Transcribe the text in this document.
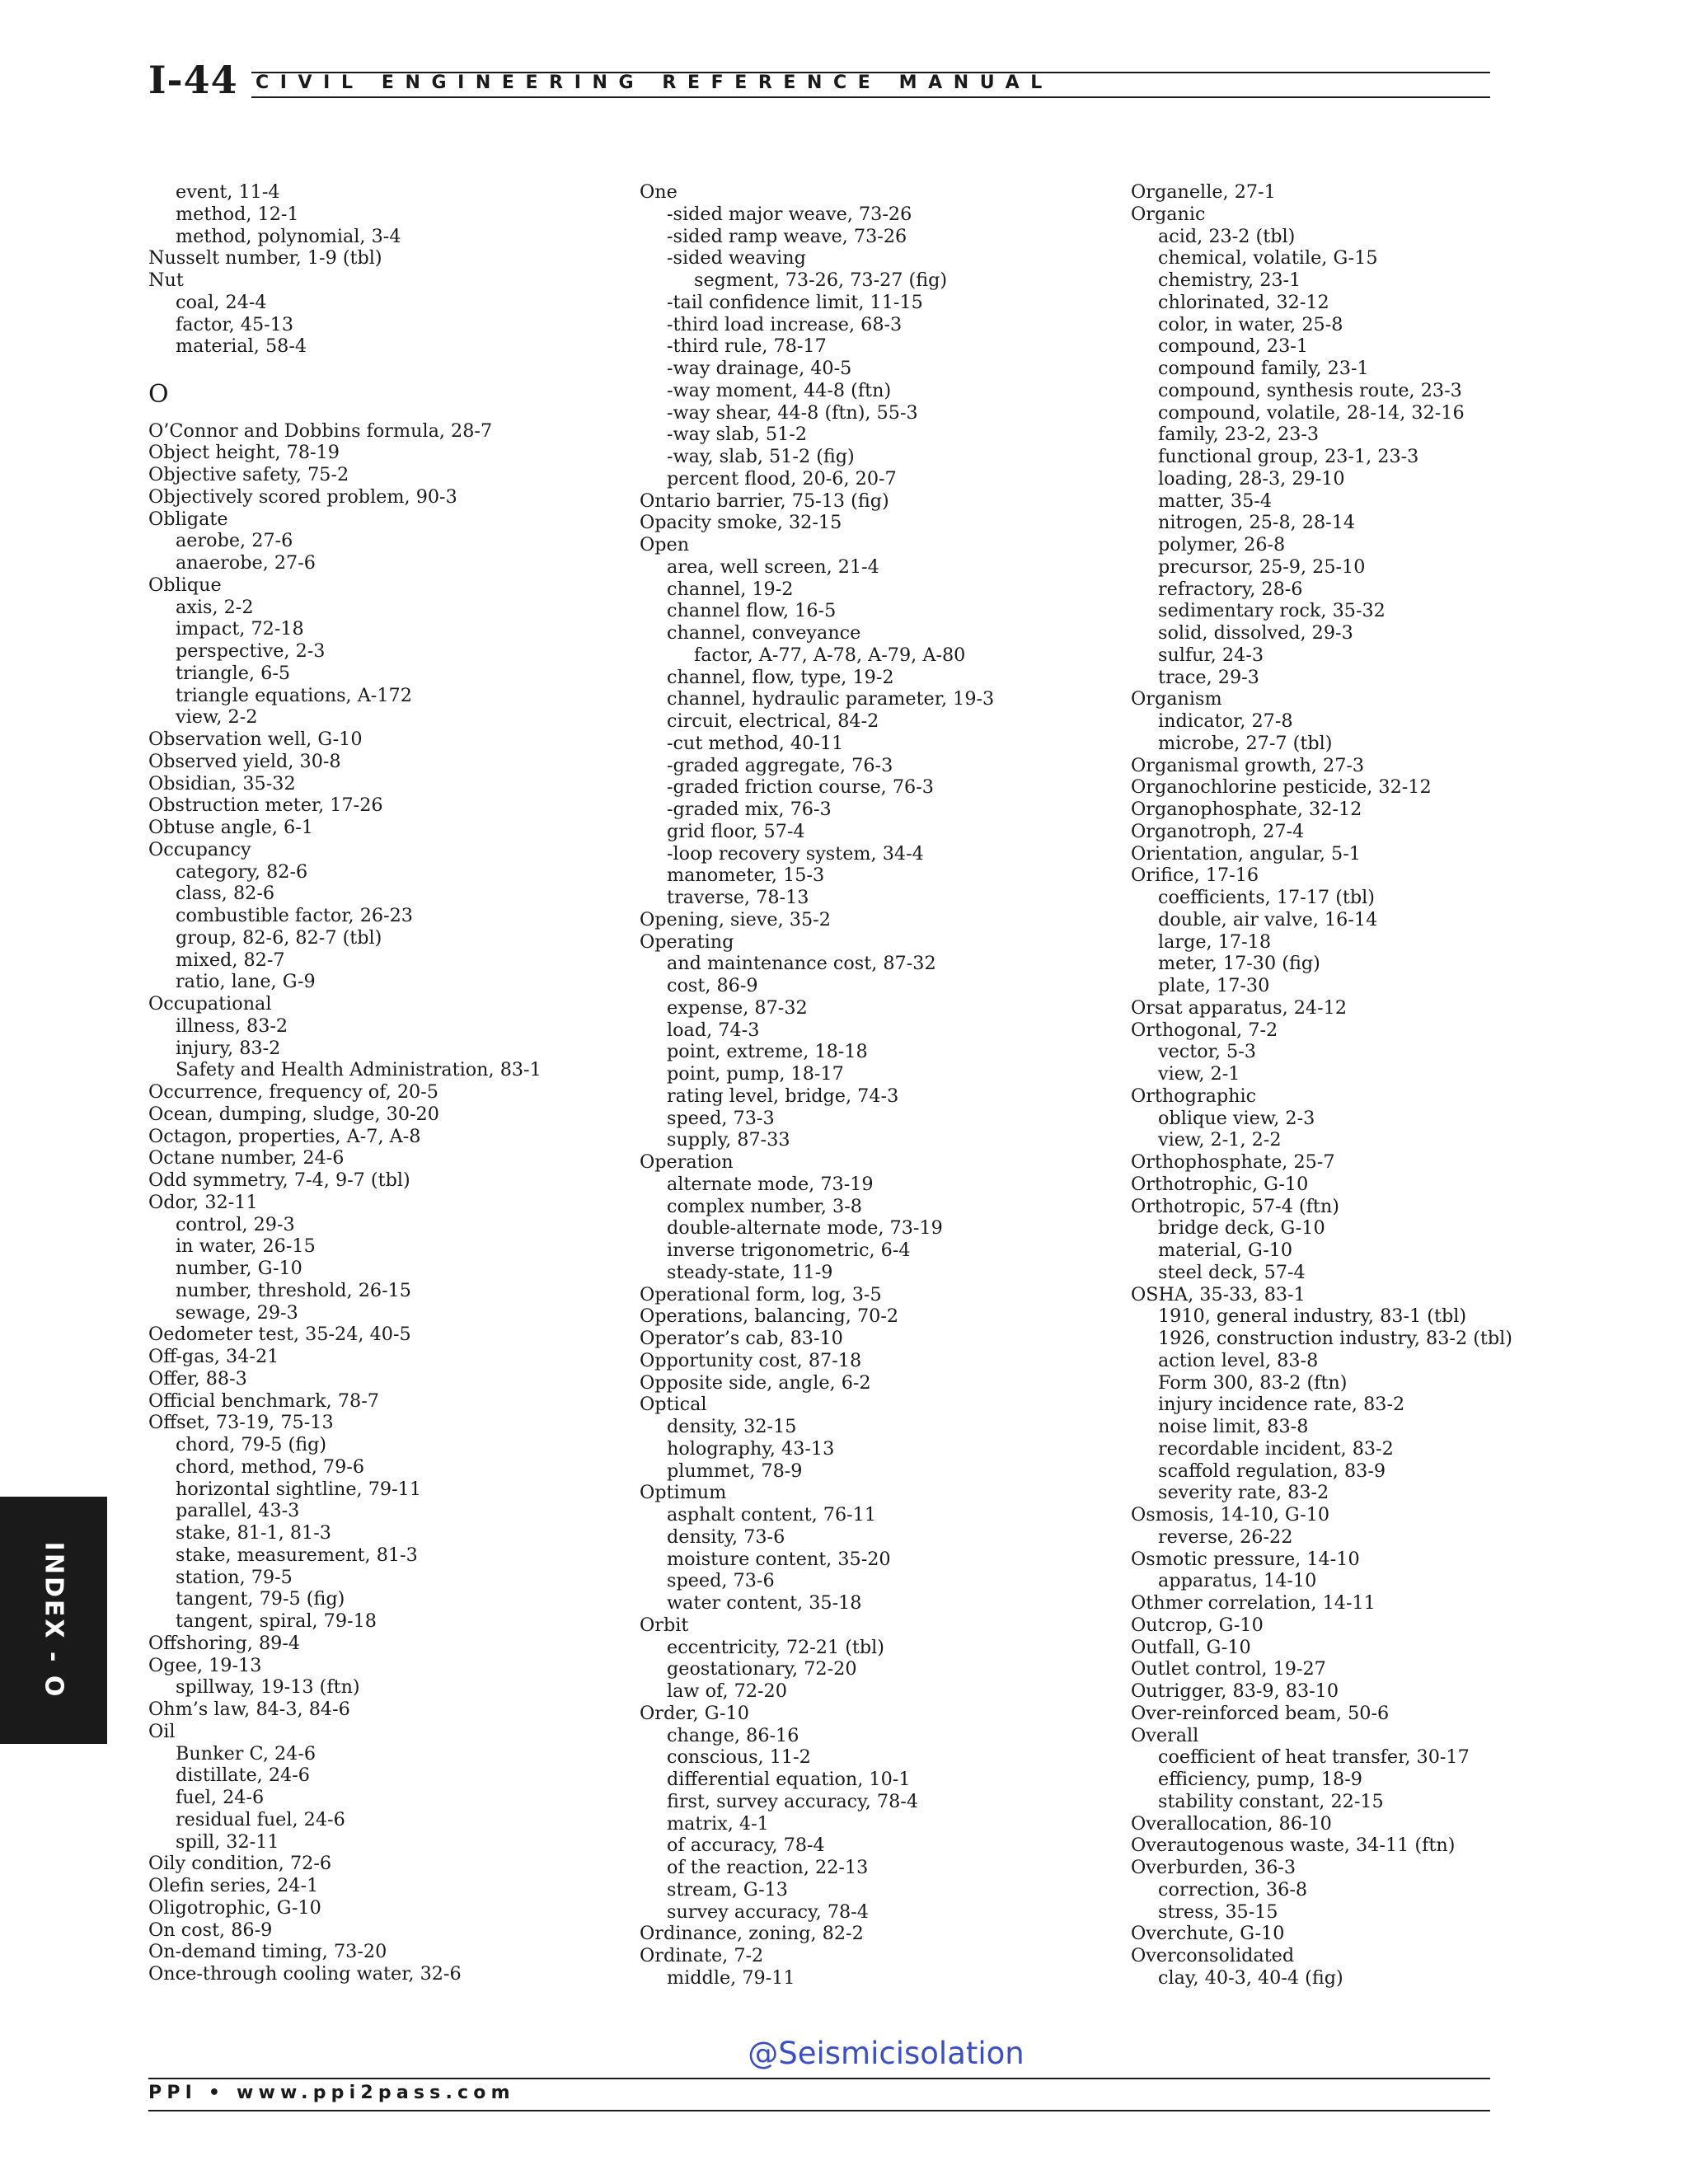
I-44 CIVIL ENGINEERING REFERENCE MANUAL
event, 11-4
method, 12-1
method, polynomial, 3-4
Nusselt number, 1-9 (tbl)
Nut
coal, 24-4
factor, 45-13
material, 58-4
O
O’Connor and Dobbins formula, 28-7
Object height, 78-19
Objective safety, 75-2
Objectively scored problem, 90-3
Obligate
aerobe, 27-6
anaerobe, 27-6
Oblique
axis, 2-2
impact, 72-18
perspective, 2-3
triangle, 6-5
triangle equations, A-172
view, 2-2
Observation well, G-10
Observed yield, 30-8
Obsidian, 35-32
Obstruction meter, 17-26
Obtuse angle, 6-1
Occupancy
category, 82-6
class, 82-6
combustible factor, 26-23
group, 82-6, 82-7 (tbl)
mixed, 82-7
ratio, lane, G-9
Occupational
illness, 83-2
injury, 83-2
Safety and Health Administration, 83-1
Occurrence, frequency of, 20-5
Ocean, dumping, sludge, 30-20
Octagon, properties, A-7, A-8
Octane number, 24-6
Odd symmetry, 7-4, 9-7 (tbl)
Odor, 32-11
control, 29-3
in water, 26-15
number, G-10
number, threshold, 26-15
sewage, 29-3
Oedometer test, 35-24, 40-5
Off-gas, 34-21
Offer, 88-3
Official benchmark, 78-7
Offset, 73-19, 75-13
chord, 79-5 (fig)
chord, method, 79-6
horizontal sightline, 79-11
parallel, 43-3
stake, 81-1, 81-3
stake, measurement, 81-3
station, 79-5
tangent, 79-5 (fig)
tangent, spiral, 79-18
Offshoring, 89-4
Ogee, 19-13
spillway, 19-13 (ftn)
Ohm’s law, 84-3, 84-6
Oil
Bunker C, 24-6
distillate, 24-6
fuel, 24-6
residual fuel, 24-6
spill, 32-11
Oily condition, 72-6
Olefin series, 24-1
Oligotrophic, G-10
On cost, 86-9
On-demand timing, 73-20
Once-through cooling water, 32-6
One
-sided major weave, 73-26
-sided ramp weave, 73-26
-sided weaving
segment, 73-26, 73-27 (fig)
-tail confidence limit, 11-15
-third load increase, 68-3
-third rule, 78-17
-way drainage, 40-5
-way moment, 44-8 (ftn)
-way shear, 44-8 (ftn), 55-3
-way slab, 51-2
-way, slab, 51-2 (fig)
percent flood, 20-6, 20-7
Ontario barrier, 75-13 (fig)
Opacity smoke, 32-15
Open
area, well screen, 21-4
channel, 19-2
channel flow, 16-5
channel, conveyance
factor, A-77, A-78, A-79, A-80
channel, flow, type, 19-2
channel, hydraulic parameter, 19-3
circuit, electrical, 84-2
-cut method, 40-11
-graded aggregate, 76-3
-graded friction course, 76-3
-graded mix, 76-3
grid floor, 57-4
-loop recovery system, 34-4
manometer, 15-3
traverse, 78-13
Opening, sieve, 35-2
Operating
and maintenance cost, 87-32
cost, 86-9
expense, 87-32
load, 74-3
point, extreme, 18-18
point, pump, 18-17
rating level, bridge, 74-3
speed, 73-3
supply, 87-33
Operation
alternate mode, 73-19
complex number, 3-8
double-alternate mode, 73-19
inverse trigonometric, 6-4
steady-state, 11-9
Operational form, log, 3-5
Operations, balancing, 70-2
Operator’s cab, 83-10
Opportunity cost, 87-18
Opposite side, angle, 6-2
Optical
density, 32-15
holography, 43-13
plummet, 78-9
Optimum
asphalt content, 76-11
density, 73-6
moisture content, 35-20
speed, 73-6
water content, 35-18
Orbit
eccentricity, 72-21 (tbl)
geostationary, 72-20
law of, 72-20
Order, G-10
change, 86-16
conscious, 11-2
differential equation, 10-1
first, survey accuracy, 78-4
matrix, 4-1
of accuracy, 78-4
of the reaction, 22-13
stream, G-13
survey accuracy, 78-4
Ordinance, zoning, 82-2
Ordinate, 7-2
middle, 79-11
Organelle, 27-1
Organic
acid, 23-2 (tbl)
chemical, volatile, G-15
chemistry, 23-1
chlorinated, 32-12
color, in water, 25-8
compound, 23-1
compound family, 23-1
compound, synthesis route, 23-3
compound, volatile, 28-14, 32-16
family, 23-2, 23-3
functional group, 23-1, 23-3
loading, 28-3, 29-10
matter, 35-4
nitrogen, 25-8, 28-14
polymer, 26-8
precursor, 25-9, 25-10
refractory, 28-6
sedimentary rock, 35-32
solid, dissolved, 29-3
sulfur, 24-3
trace, 29-3
Organism
indicator, 27-8
microbe, 27-7 (tbl)
Organismal growth, 27-3
Organochlorine pesticide, 32-12
Organophosphate, 32-12
Organotroph, 27-4
Orientation, angular, 5-1
Orifice, 17-16
coefficients, 17-17 (tbl)
double, air valve, 16-14
large, 17-18
meter, 17-30 (fig)
plate, 17-30
Orsat apparatus, 24-12
Orthogonal, 7-2
vector, 5-3
view, 2-1
Orthographic
oblique view, 2-3
view, 2-1, 2-2
Orthophosphate, 25-7
Orthotrophic, G-10
Orthotropic, 57-4 (ftn)
bridge deck, G-10
material, G-10
steel deck, 57-4
OSHA, 35-33, 83-1
1910, general industry, 83-1 (tbl)
1926, construction industry, 83-2 (tbl)
action level, 83-8
Form 300, 83-2 (ftn)
injury incidence rate, 83-2
noise limit, 83-8
recordable incident, 83-2
scaffold regulation, 83-9
severity rate, 83-2
Osmosis, 14-10, G-10
reverse, 26-22
Osmotic pressure, 14-10
apparatus, 14-10
Othmer correlation, 14-11
Outcrop, G-10
Outfall, G-10
Outlet control, 19-27
Outrigger, 83-9, 83-10
Over-reinforced beam, 50-6
Overall
coefficient of heat transfer, 30-17
efficiency, pump, 18-9
stability constant, 22-15
Overallocation, 86-10
Overautogenous waste, 34-11 (ftn)
Overburden, 36-3
correction, 36-8
stress, 35-15
Overchute, G-10
Overconsolidated
clay, 40-3, 40-4 (fig)
INDEX - O
@Seismicisolation
PPI • www.ppi2pass.com
